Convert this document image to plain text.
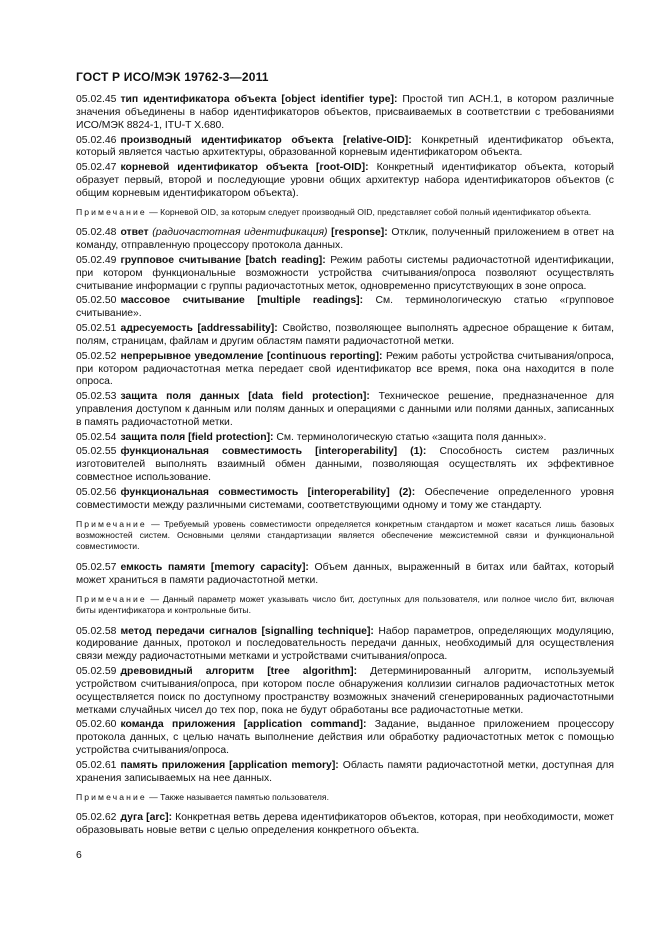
ГОСТ Р ИСО/МЭК 19762-3—2011

05.02.45 тип идентификатора объекта [object identifier type]: Простой тип АСН.1, в котором различные значения объединены в набор идентификаторов объектов, присваиваемых в соответствии с требованиями ИСО/МЭК 8824-1, ITU-T X.680.

05.02.46 производный идентификатор объекта [relative-OID]: Конкретный идентификатор объекта, который является частью архитектуры, образованной корневым идентификатором объекта.

05.02.47 корневой идентификатор объекта [root-OID]: Конкретный идентификатор объекта, который образует первый, второй и последующие уровни общих архитектур набора идентификаторов объектов (с общим корневым идентификатором объекта).

Примечание — Корневой OID, за которым следует производный OID, представляет собой полный идентификатор объекта.

05.02.48 ответ (радиочастотная идентификация) [response]: Отклик, полученный приложением в ответ на команду, отправленную процессору протокола данных.

05.02.49 групповое считывание [batch reading]: Режим работы системы радиочастотной идентификации, при котором функциональные возможности устройства считывания/опроса позволяют осуществлять считывание информации с группы радиочастотных меток, одновременно присутствующих в зоне опроса.

05.02.50 массовое считывание [multiple readings]: См. терминологическую статью «групповое считывание».

05.02.51 адресуемость [addressability]: Свойство, позволяющее выполнять адресное обращение к битам, полям, страницам, файлам и другим областям памяти радиочастотной метки.

05.02.52 непрерывное уведомление [continuous reporting]: Режим работы устройства считывания/опроса, при котором радиочастотная метка передает свой идентификатор все время, пока она находится в поле опроса.

05.02.53 защита поля данных [data field protection]: Техническое решение, предназначенное для управления доступом к данным или полям данных и операциями с данными или полями данных, записанных в память радиочастотной метки.

05.02.54 защита поля [field protection]: См. терминологическую статью «защита поля данных».

05.02.55 функциональная совместимость [interoperability] (1): Способность систем различных изготовителей выполнять взаимный обмен данными, позволяющая осуществлять их эффективное совместное использование.

05.02.56 функциональная совместимость [interoperability] (2): Обеспечение определенного уровня совместимости между различными системами, соответствующими одному и тому же стандарту.

Примечание — Требуемый уровень совместимости определяется конкретным стандартом и может касаться лишь базовых возможностей систем. Основными целями стандартизации является обеспечение межсистемной связи и функциональной совместимости.

05.02.57 емкость памяти [memory capacity]: Объем данных, выраженный в битах или байтах, который может храниться в памяти радиочастотной метки.

Примечание — Данный параметр может указывать число бит, доступных для пользователя, или полное число бит, включая биты идентификатора и контрольные биты.

05.02.58 метод передачи сигналов [signalling technique]: Набор параметров, определяющих модуляцию, кодирование данных, протокол и последовательность передачи данных, необходимый для осуществления связи между радиочастотными метками и устройствами считывания/опроса.

05.02.59 древовидный алгоритм [tree algorithm]: Детерминированный алгоритм, используемый устройством считывания/опроса, при котором после обнаружения коллизии сигналов радиочастотных меток осуществляется поиск по доступному пространству возможных значений сгенерированных радиочастотными метками случайных чисел до тех пор, пока не будут обработаны все радиочастотные метки.

05.02.60 команда приложения [application command]: Задание, выданное приложением процессору протокола данных, с целью начать выполнение действия или обработку радиочастотных меток с помощью устройства считывания/опроса.

05.02.61 память приложения [application memory]: Область памяти радиочастотной метки, доступная для хранения записываемых на нее данных.

Примечание — Также называется памятью пользователя.

05.02.62 дуга [arc]: Конкретная ветвь дерева идентификаторов объектов, которая, при необходимости, может образовывать новые ветви с целью определения конкретного объекта.

6
